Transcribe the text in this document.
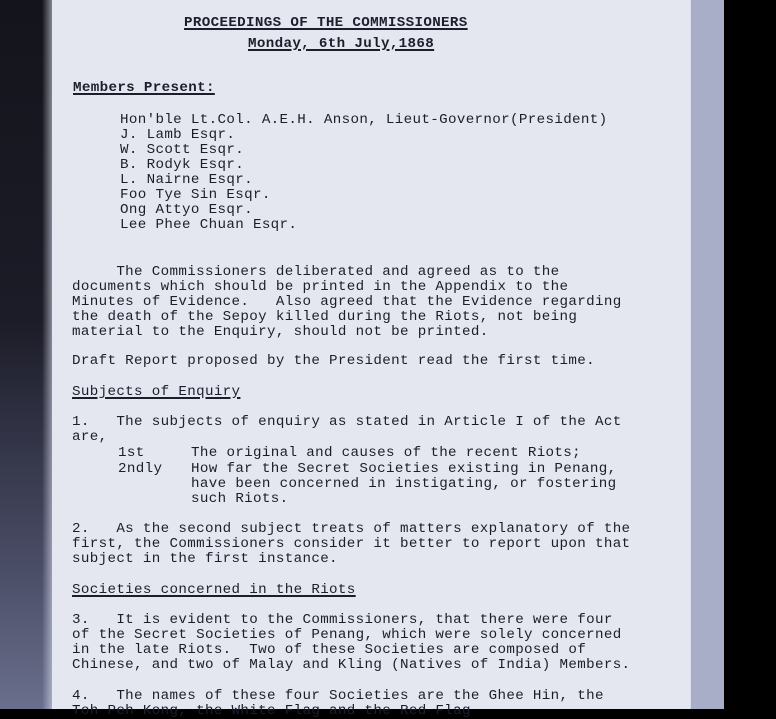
PROCEEDINGS OF THE COMMISSIONERS
Monday, 6th July,1868
Members Present:
Hon'ble Lt.Col. A.E.H. Anson, Lieut-Governor(President)
J. Lamb Esqr.
W. Scott Esqr.
B. Rodyk Esqr.
L. Nairne Esqr.
Foo Tye Sin Esqr.
Ong Attyo Esqr.
Lee Phee Chuan Esqr.
The Commissioners deliberated and agreed as to the
documents which should be printed in the Appendix to the
Minutes of Evidence.   Also agreed that the Evidence regarding
the death of the Sepoy killed during the Riots, not being
material to the Enquiry, should not be printed.
Draft Report proposed by the President read the first time.
Subjects of Enquiry
1.   The subjects of enquiry as stated in Article I of the Act
are,
1st	The original and causes of the recent Riots;
2ndly How far the Secret Societies existing in Penang,
have been concerned in instigating, or fostering
such Riots.
2.   As the second subject treats of matters explanatory of the
first, the Commissioners consider it better to report upon that
subject in the first instance.
Societies concerned in the Riots
3.   It is evident to the Commissioners, that there were four
of the Secret Societies of Penang, which were solely concerned
in the late Riots.  Two of these Societies are composed of
Chinese, and two of Malay and Kling (Natives of India) Members.
4.   The names of these four Societies are the Ghee Hin, the
Toh Peh Kong, the White Flag and the Red Flag
